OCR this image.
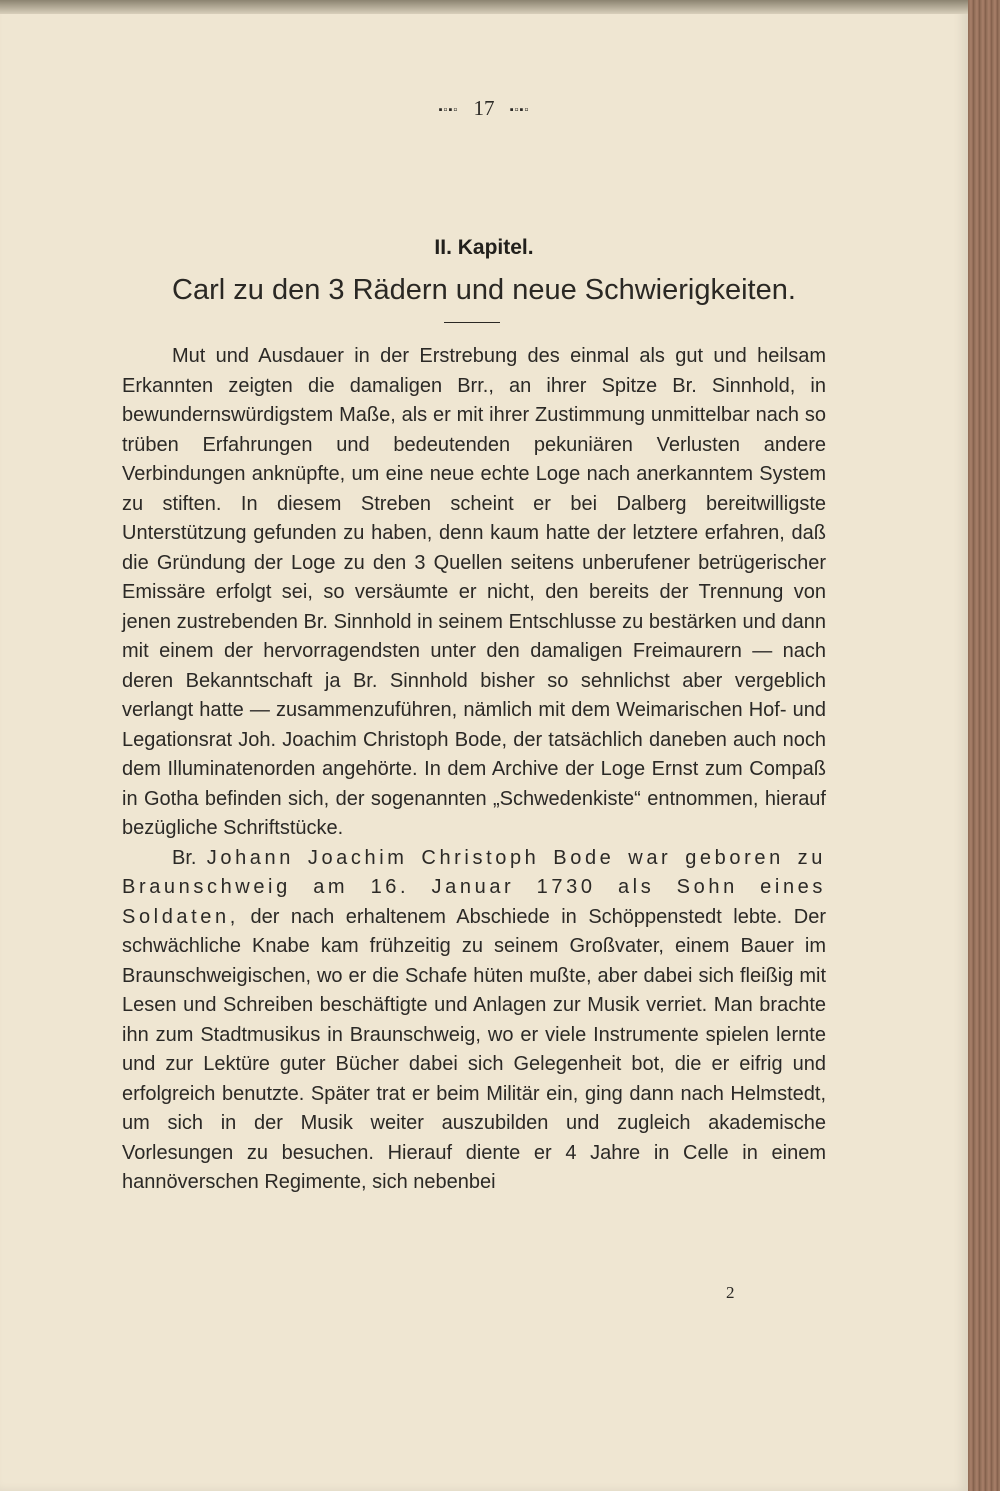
▪▫▪▫ 17 ▪▫▪▫
II. Kapitel.
Carl zu den 3 Rädern und neue Schwierigkeiten.

Mut und Ausdauer in der Erstrebung des einmal als gut und heilsam Erkannten zeigten die damaligen Brr., an ihrer Spitze Br. Sinnhold, in bewundernswürdigstem Maße, als er mit ihrer Zustimmung unmittelbar nach so trüben Erfahrungen und bedeutenden pekuniären Verlusten andere Verbindungen anknüpfte, um eine neue echte Loge nach anerkanntem System zu stiften. In diesem Streben scheint er bei Dalberg bereitwilligste Unterstützung gefunden zu haben, denn kaum hatte der letztere erfahren, daß die Gründung der Loge zu den 3 Quellen seitens unberufener betrügerischer Emissäre erfolgt sei, so versäumte er nicht, den bereits der Trennung von jenen zustrebenden Br. Sinnhold in seinem Entschlusse zu bestärken und dann mit einem der hervorragendsten unter den damaligen Freimaurern — nach deren Bekanntschaft ja Br. Sinnhold bisher so sehnlichst aber vergeblich verlangt hatte — zusammenzuführen, nämlich mit dem Weimarischen Hof- und Legationsrat Joh. Joachim Christoph Bode, der tatsächlich daneben auch noch dem Illuminatenorden angehörte. In dem Archive der Loge Ernst zum Compaß in Gotha befinden sich, der sogenannten „Schwedenkiste“ entnommen, hierauf bezügliche Schriftstücke.

Br. Johann Joachim Christoph Bode war geboren zu Braunschweig am 16. Januar 1730 als Sohn eines Soldaten, der nach erhaltenem Abschiede in Schöppenstedt lebte. Der schwächliche Knabe kam frühzeitig zu seinem Großvater, einem Bauer im Braunschweigischen, wo er die Schafe hüten mußte, aber dabei sich fleißig mit Lesen und Schreiben beschäftigte und Anlagen zur Musik verriet. Man brachte ihn zum Stadtmusikus in Braunschweig, wo er viele Instrumente spielen lernte und zur Lektüre guter Bücher dabei sich Gelegenheit bot, die er eifrig und erfolgreich benutzte. Später trat er beim Militär ein, ging dann nach Helmstedt, um sich in der Musik weiter auszubilden und zugleich akademische Vorlesungen zu besuchen. Hierauf diente er 4 Jahre in Celle in einem hannöverschen Regimente, sich nebenbei

2
